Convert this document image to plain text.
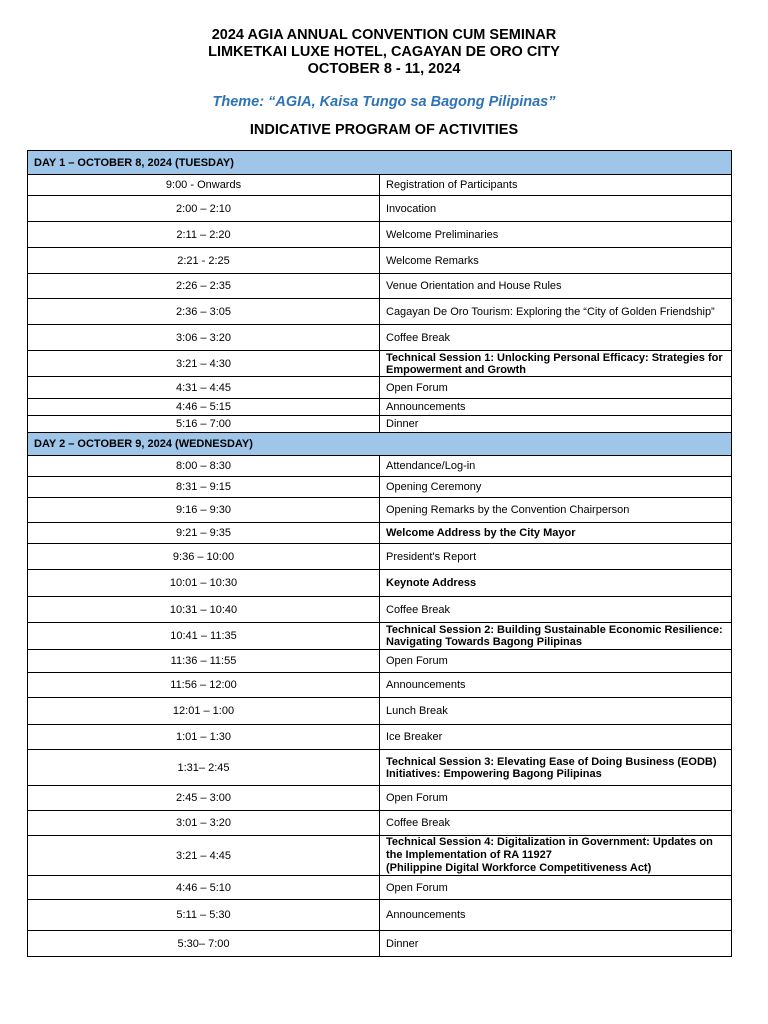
2024 AGIA ANNUAL CONVENTION CUM SEMINAR
LIMKETKAI LUXE HOTEL, CAGAYAN DE ORO CITY
OCTOBER 8 - 11, 2024
Theme: “AGIA, Kaisa Tungo sa Bagong Pilipinas”
INDICATIVE PROGRAM OF ACTIVITIES
DAY 1 – OCTOBER 8, 2024 (TUESDAY)	
9:00 - Onwards	Registration of Participants
2:00 – 2:10	Invocation
2:11 – 2:20	Welcome Preliminaries
2:21 - 2:25	Welcome Remarks
2:26 – 2:35	Venue Orientation and House Rules
2:36 – 3:05	Cagayan De Oro Tourism: Exploring the “City of Golden Friendship”
3:06 – 3:20	Coffee Break
3:21 – 4:30	Technical Session 1: Unlocking Personal Efficacy: Strategies for Empowerment and Growth
4:31 – 4:45	Open Forum
4:46 – 5:15	Announcements
5:16 – 7:00	Dinner
DAY 2 – OCTOBER 9, 2024 (WEDNESDAY)	
8:00 – 8:30	Attendance/Log-in
8:31 – 9:15	Opening Ceremony
9:16 – 9:30	Opening Remarks by the Convention Chairperson
9:21 – 9:35	Welcome Address by the City Mayor
9:36 – 10:00	President's Report
10:01 – 10:30	Keynote Address
10:31 – 10:40	Coffee Break
10:41 – 11:35	Technical Session 2: Building Sustainable Economic Resilience: Navigating Towards Bagong Pilipinas
11:36 – 11:55	Open Forum
11:56 – 12:00	Announcements
12:01 – 1:00	Lunch Break
1:01 – 1:30	Ice Breaker
1:31– 2:45	Technical Session 3: Elevating Ease of Doing Business (EODB) Initiatives: Empowering Bagong Pilipinas
2:45 – 3:00	Open Forum
3:01 – 3:20	Coffee Break
3:21 – 4:45	Technical Session 4: Digitalization in Government: Updates on the Implementation of RA 11927
(Philippine Digital Workforce Competitiveness Act)

4:46 – 5:10	Open Forum
5:11 – 5:30	Announcements
5:30– 7:00	Dinner
